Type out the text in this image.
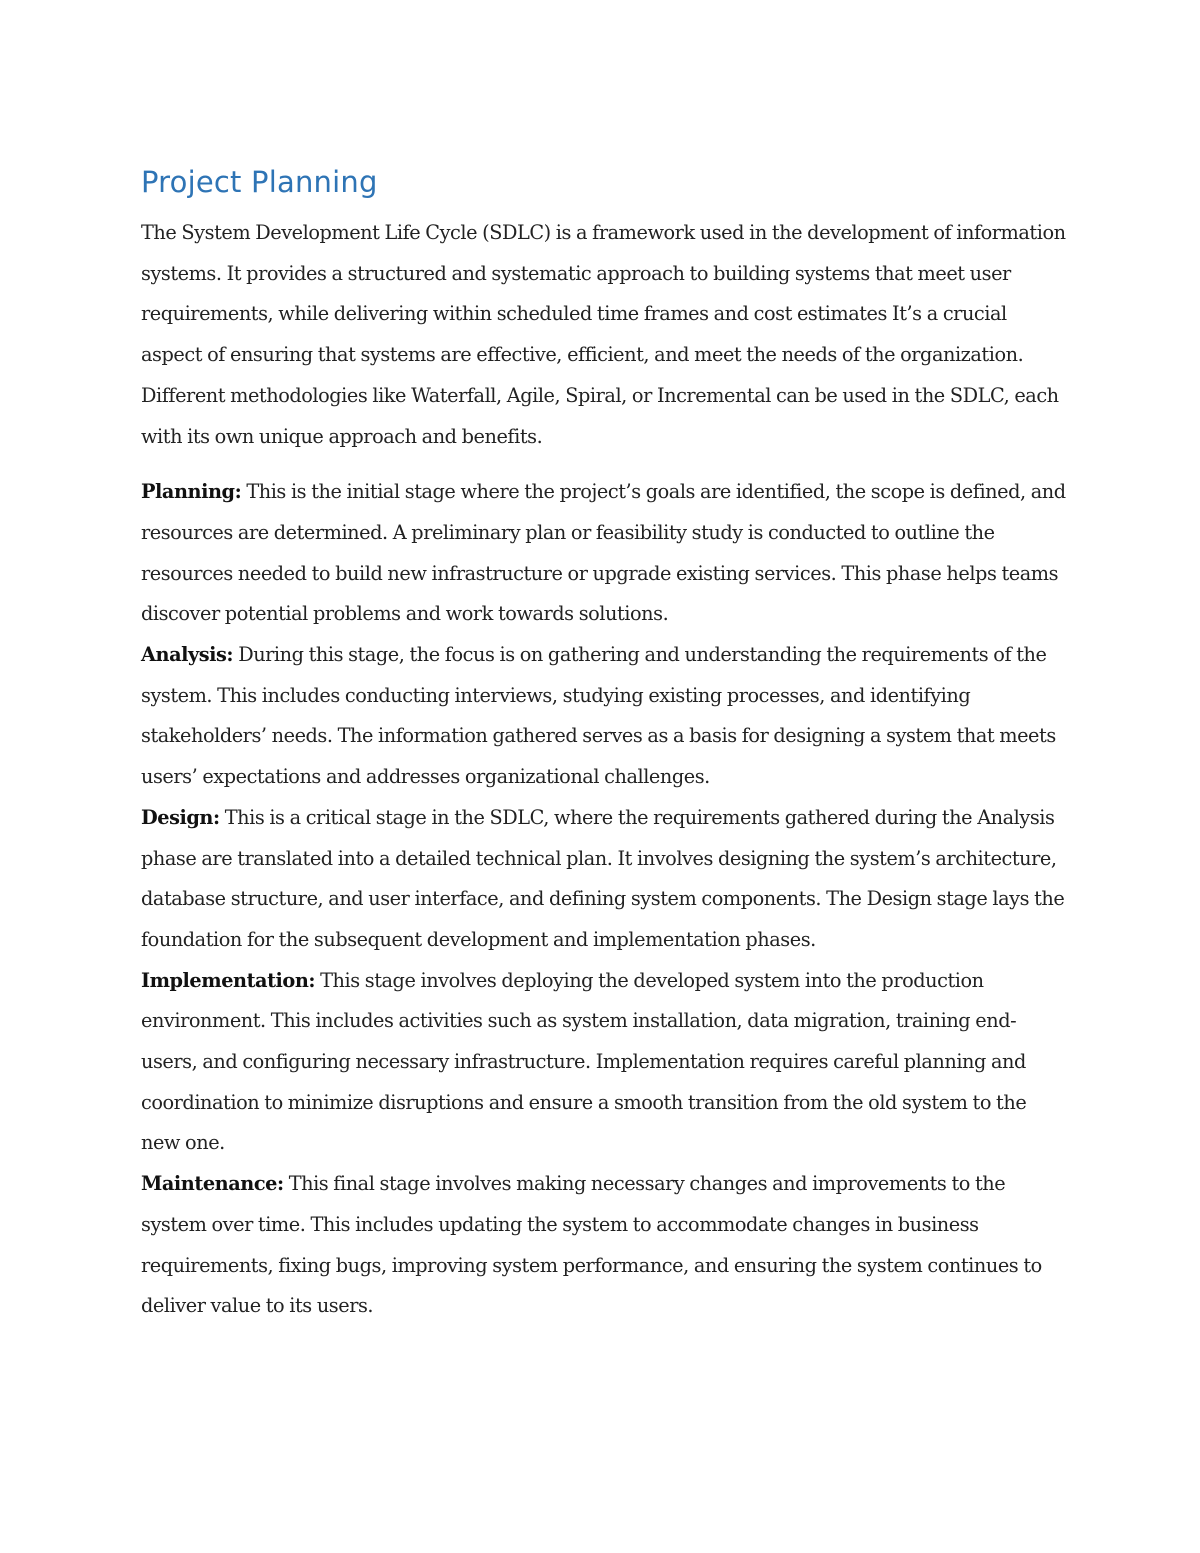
Project Planning

The System Development Life Cycle (SDLC) is a framework used in the development of information systems. It provides a structured and systematic approach to building systems that meet user requirements, while delivering within scheduled time frames and cost estimates It’s a crucial aspect of ensuring that systems are effective, efficient, and meet the needs of the organization. Different methodologies like Waterfall, Agile, Spiral, or Incremental can be used in the SDLC, each with its own unique approach and benefits.

Planning: This is the initial stage where the project’s goals are identified, the scope is defined, and resources are determined. A preliminary plan or feasibility study is conducted to outline the resources needed to build new infrastructure or upgrade existing services. This phase helps teams discover potential problems and work towards solutions.

Analysis: During this stage, the focus is on gathering and understanding the requirements of the system. This includes conducting interviews, studying existing processes, and identifying stakeholders’ needs. The information gathered serves as a basis for designing a system that meets users’ expectations and addresses organizational challenges.

Design: This is a critical stage in the SDLC, where the requirements gathered during the Analysis phase are translated into a detailed technical plan. It involves designing the system’s architecture, database structure, and user interface, and defining system components. The Design stage lays the foundation for the subsequent development and implementation phases.

Implementation: This stage involves deploying the developed system into the production environment. This includes activities such as system installation, data migration, training end-users, and configuring necessary infrastructure. Implementation requires careful planning and coordination to minimize disruptions and ensure a smooth transition from the old system to the new one.

Maintenance: This final stage involves making necessary changes and improvements to the system over time. This includes updating the system to accommodate changes in business requirements, fixing bugs, improving system performance, and ensuring the system continues to deliver value to its users.
